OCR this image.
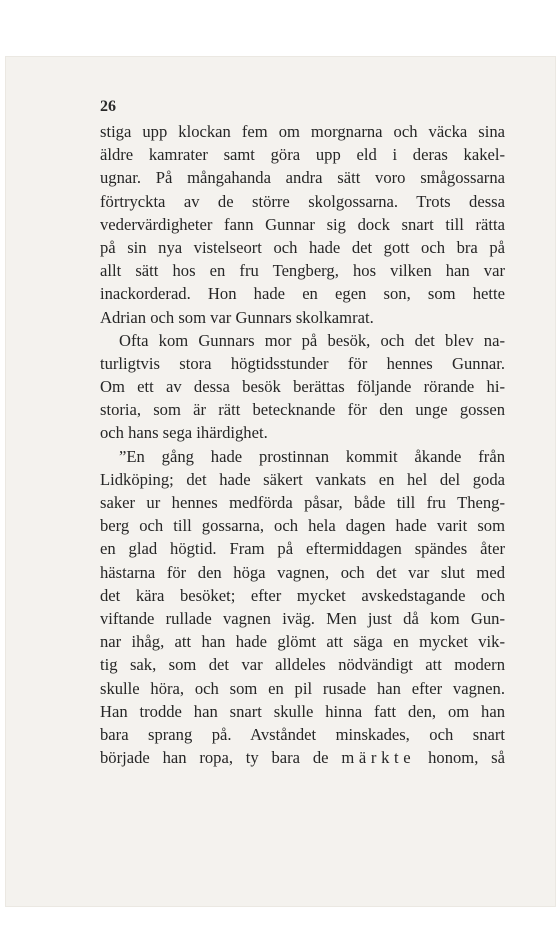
26
stiga upp klockan fem om morgnarna och väcka sina
äldre kamrater samt göra upp eld i deras kakel-
ugnar. På mångahanda andra sätt voro smågossarna
förtryckta av de större skolgossarna. Trots dessa
vedervärdigheter fann Gunnar sig dock snart till rätta
på sin nya vistelseort och hade det gott och bra på
allt sätt hos en fru Tengberg, hos vilken han var
inackorderad. Hon hade en egen son, som hette
Adrian och som var Gunnars skolkamrat.
Ofta kom Gunnars mor på besök, och det blev na-
turligtvis stora högtidsstunder för hennes Gunnar.
Om ett av dessa besök berättas följande rörande hi-
storia, som är rätt betecknande för den unge gossen
och hans sega ihärdighet.
”En gång hade prostinnan kommit åkande från
Lidköping; det hade säkert vankats en hel del goda
saker ur hennes medförda påsar, både till fru Theng-
berg och till gossarna, och hela dagen hade varit som
en glad högtid. Fram på eftermiddagen spändes åter
hästarna för den höga vagnen, och det var slut med
det kära besöket; efter mycket avskedstagande och
viftande rullade vagnen iväg. Men just då kom Gun-
nar ihåg, att han hade glömt att säga en mycket vik-
tig sak, som det var alldeles nödvändigt att modern
skulle höra, och som en pil rusade han efter vagnen.
Han trodde han snart skulle hinna fatt den, om han
bara sprang på. Avståndet minskades, och snart
började han ropa, ty bara de märkte honom, så
